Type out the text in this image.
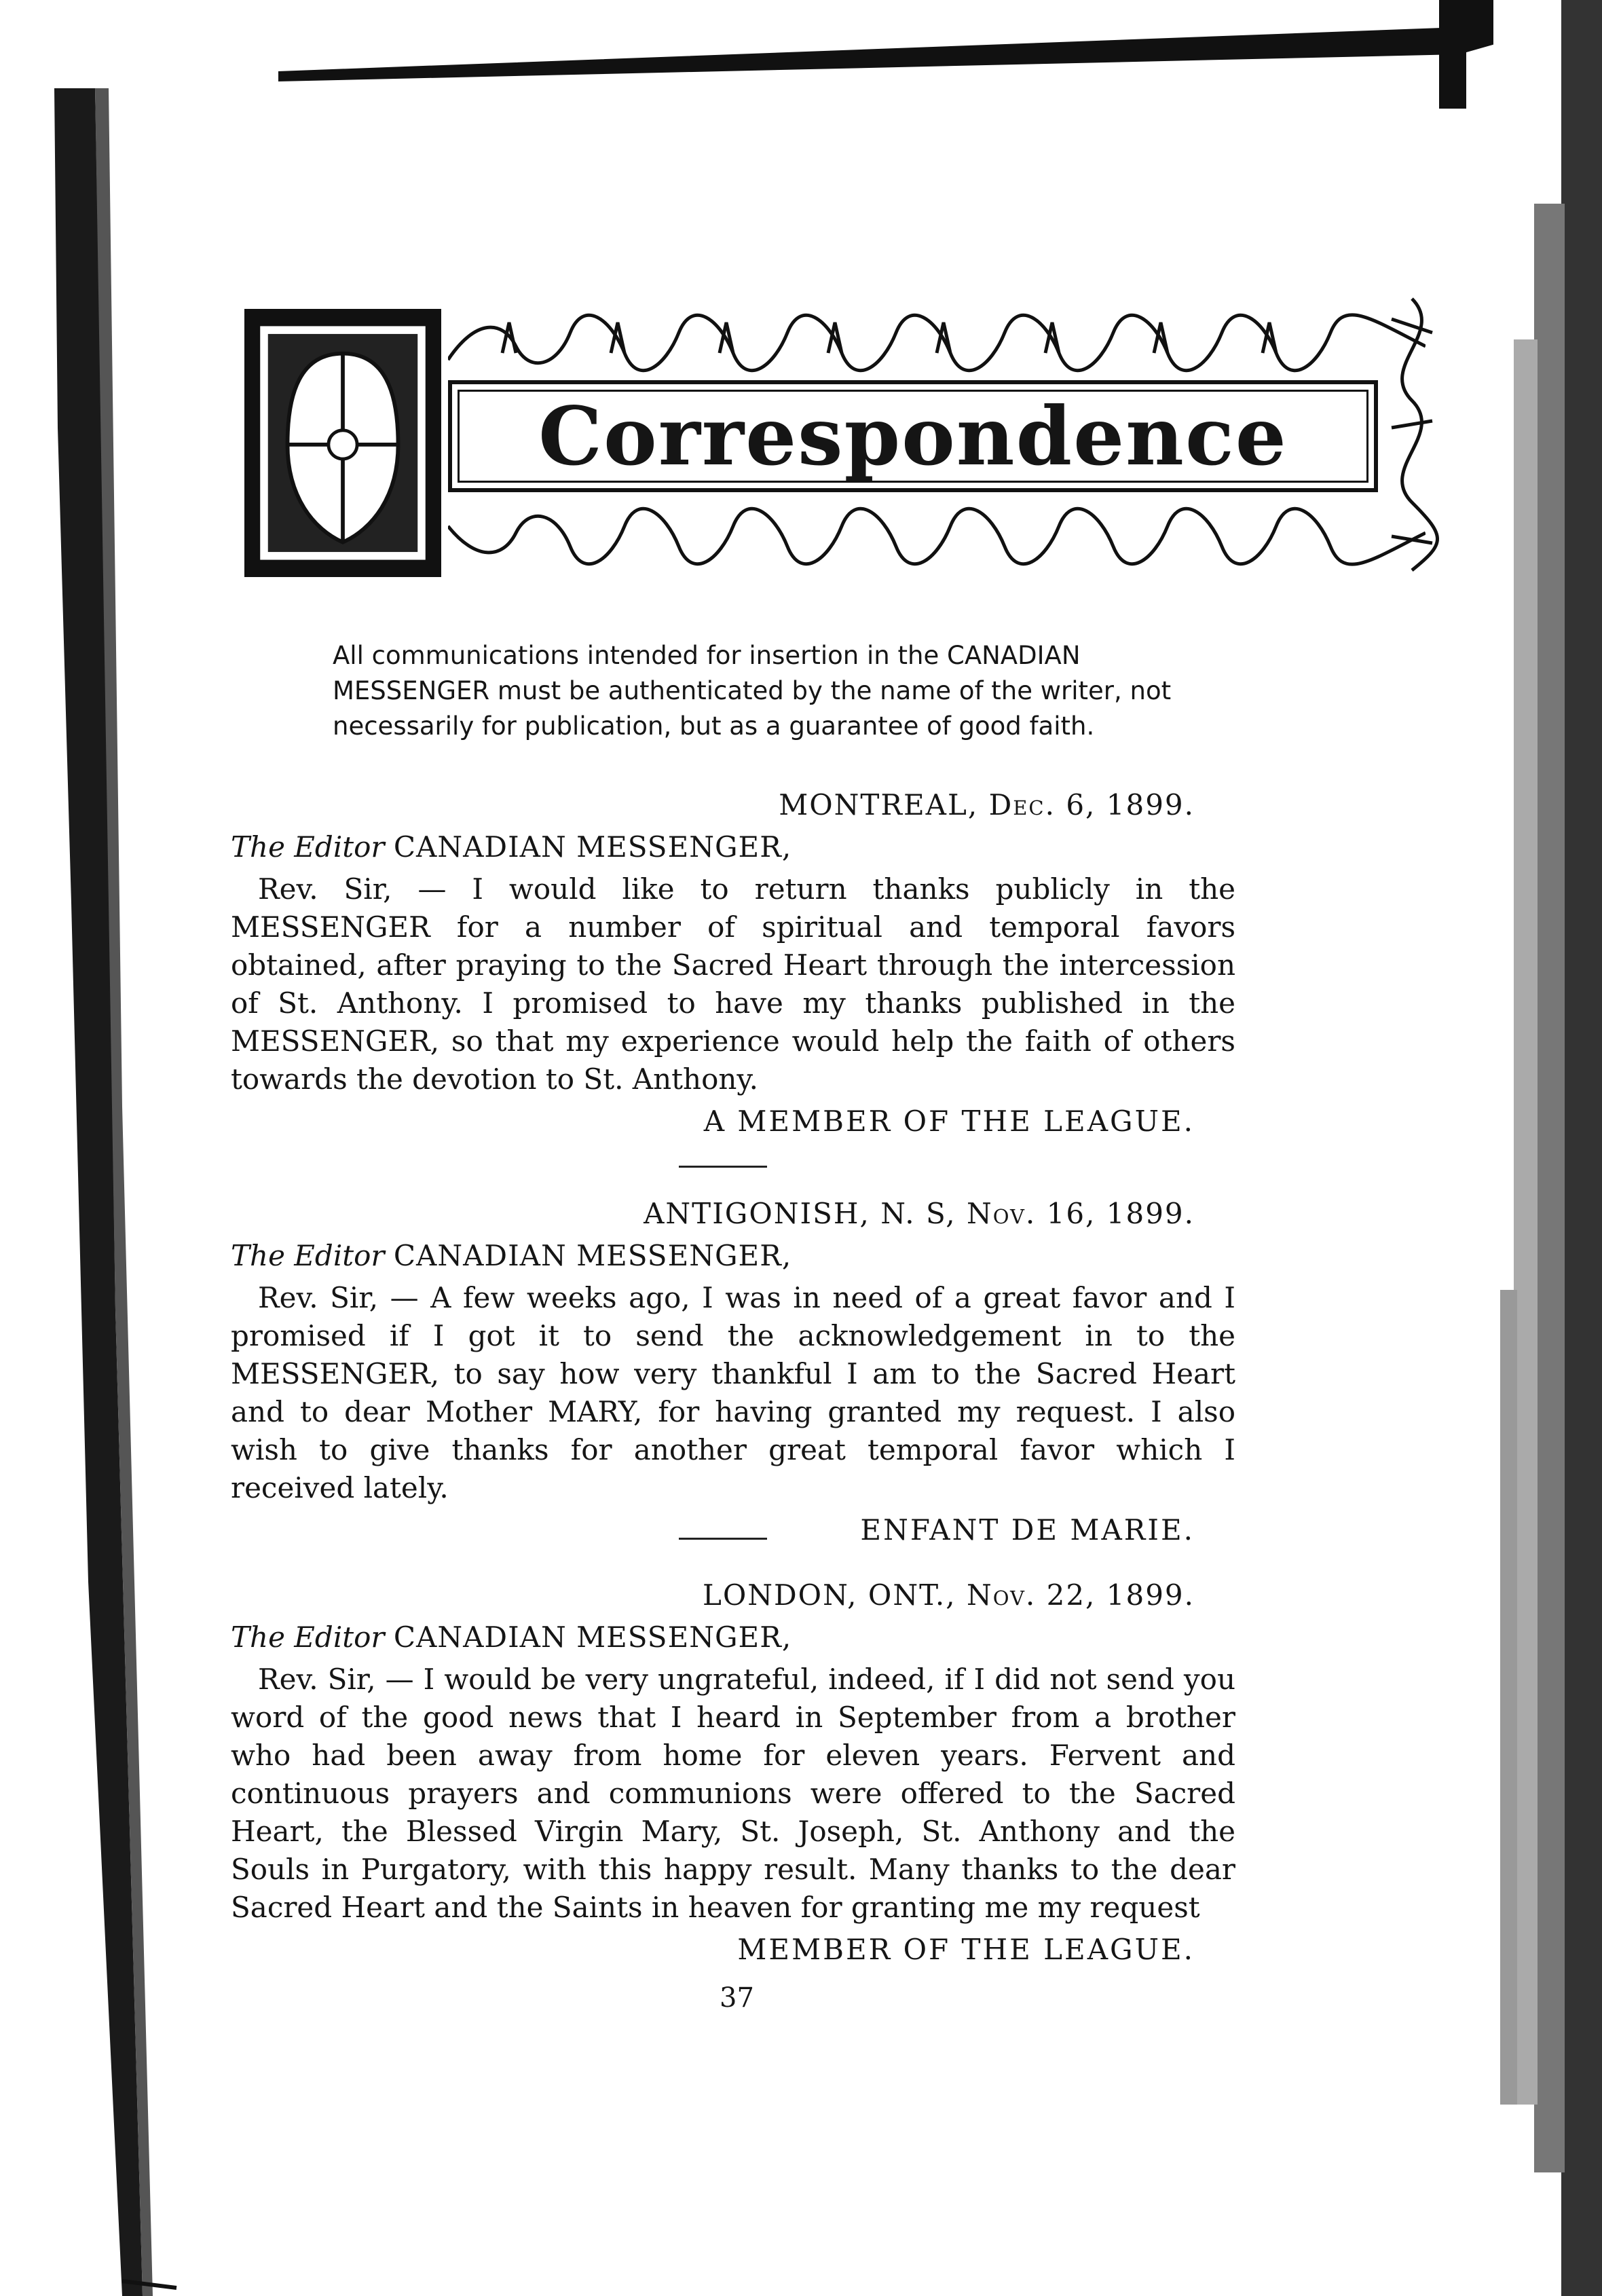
Correspondence

All communications intended for insertion in the CANADIAN MESSENGER must be authenticated by the name of the writer, not necessarily for publication, but as a guarantee of good faith.

MONTREAL, Dec. 6, 1899.
The Editor CANADIAN MESSENGER,

Rev. Sir, — I would like to return thanks publicly in the MESSENGER for a number of spiritual and temporal favors obtained, after praying to the Sacred Heart through the intercession of St. Anthony. I promised to have my thanks published in the MESSENGER, so that my experience would help the faith of others towards the devotion to St. Anthony.

A MEMBER OF THE LEAGUE.
ANTIGONISH, N. S, Nov. 16, 1899.
The Editor CANADIAN MESSENGER,

Rev. Sir, — A few weeks ago, I was in need of a great favor and I promised if I got it to send the acknowledgement in to the MESSENGER, to say how very thankful I am to the Sacred Heart and to dear Mother MARY, for having granted my request. I also wish to give thanks for another great temporal favor which I received lately.

ENFANT DE MARIE.
LONDON, ONT., Nov. 22, 1899.
The Editor CANADIAN MESSENGER,

Rev. Sir, — I would be very ungrateful, indeed, if I did not send you word of the good news that I heard in September from a brother who had been away from home for eleven years. Fervent and continuous prayers and communions were offered to the Sacred Heart, the Blessed Virgin Mary, St. Joseph, St. Anthony and the Souls in Purgatory, with this happy result. Many thanks to the dear Sacred Heart and the Saints in heaven for granting me my request

MEMBER OF THE LEAGUE.
37
